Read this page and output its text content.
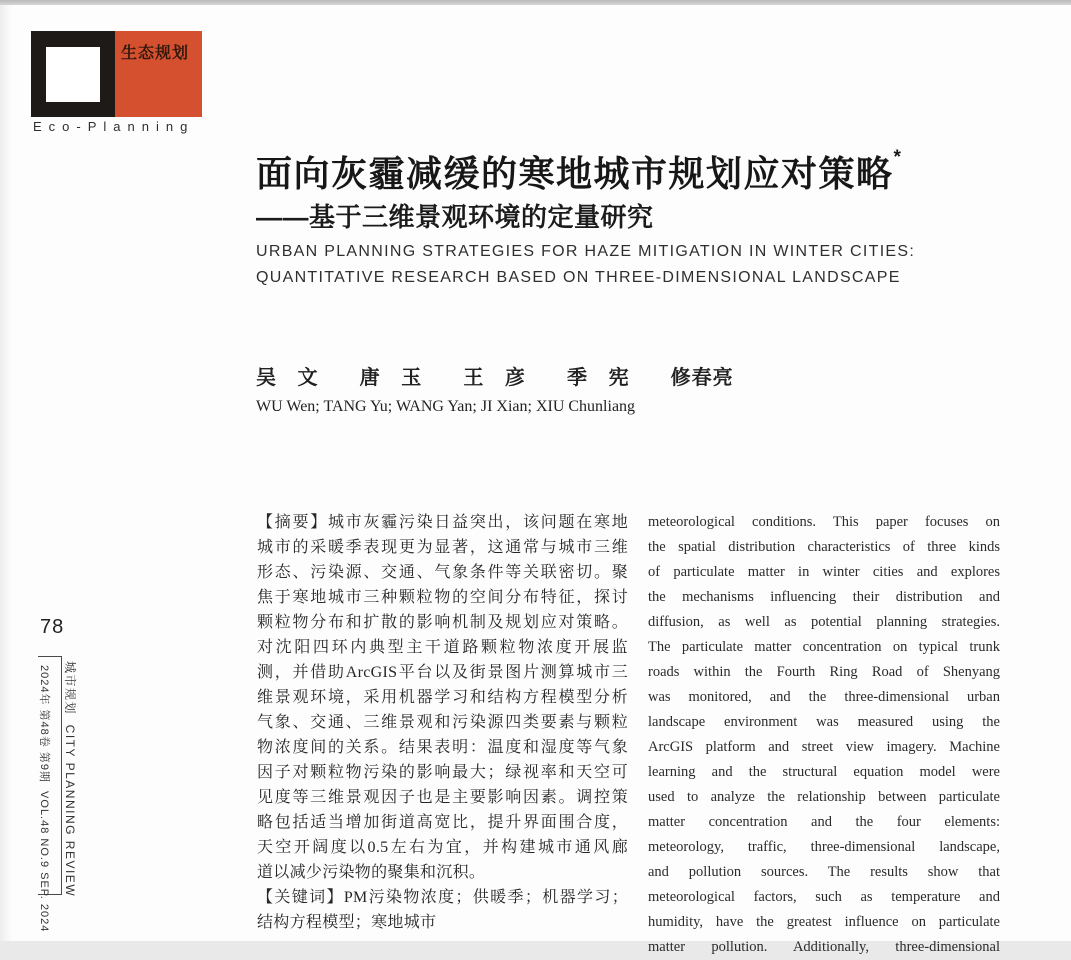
生态规划
Eco-Planning
面向灰霾减缓的寒地城市规划应对策略*
——基于三维景观环境的定量研究
URBAN PLANNING STRATEGIES FOR HAZE MITIGATION IN WINTER CITIES:
QUANTITATIVE RESEARCH BASED ON THREE-DIMENSIONAL LANDSCAPE
吴 文  唐 玉  王 彦  季 宪  修春亮
WU Wen; TANG Yu; WANG Yan; JI Xian; XIU Chunliang
【摘要】城市灰霾污染日益突出，该问题在寒地
城市的采暖季表现更为显著，这通常与城市三维
形态、污染源、交通、气象条件等关联密切。聚
焦于寒地城市三种颗粒物的空间分布特征，探讨
颗粒物分布和扩散的影响机制及规划应对策略。
对沈阳四环内典型主干道路颗粒物浓度开展监
测，并借助ArcGIS平台以及街景图片测算城市三
维景观环境，采用机器学习和结构方程模型分析
气象、交通、三维景观和污染源四类要素与颗粒
物浓度间的关系。结果表明：温度和湿度等气象
因子对颗粒物污染的影响最大；绿视率和天空可
见度等三维景观因子也是主要影响因素。调控策
略包括适当增加街道高宽比，提升界面围合度，
天空开阔度以0.5左右为宜，并构建城市通风廊
道以减少污染物的聚集和沉积。
【关键词】PM污染物浓度；供暖季；机器学习；
结构方程模型；寒地城市
meteorological conditions. This paper focuses on
the spatial distribution characteristics of three kinds
of particulate matter in winter cities and explores
the mechanisms influencing their distribution and
diffusion, as well as potential planning strategies.
The particulate matter concentration on typical trunk
roads within the Fourth Ring Road of Shenyang
was monitored, and the three-dimensional urban
landscape environment was measured using the
ArcGIS platform and street view imagery. Machine
learning and the structural equation model were
used to analyze the relationship between particulate
matter concentration and the four elements:
meteorology, traffic, three-dimensional landscape,
and pollution sources. The results show that
meteorological factors, such as temperature and
humidity, have the greatest influence on particulate
matter pollution. Additionally, three-dimensional
78
城市规划  CITY PLANNING REVIEW
2024年 第48卷 第9期  VOL.48 NO.9 SEP. 2024
